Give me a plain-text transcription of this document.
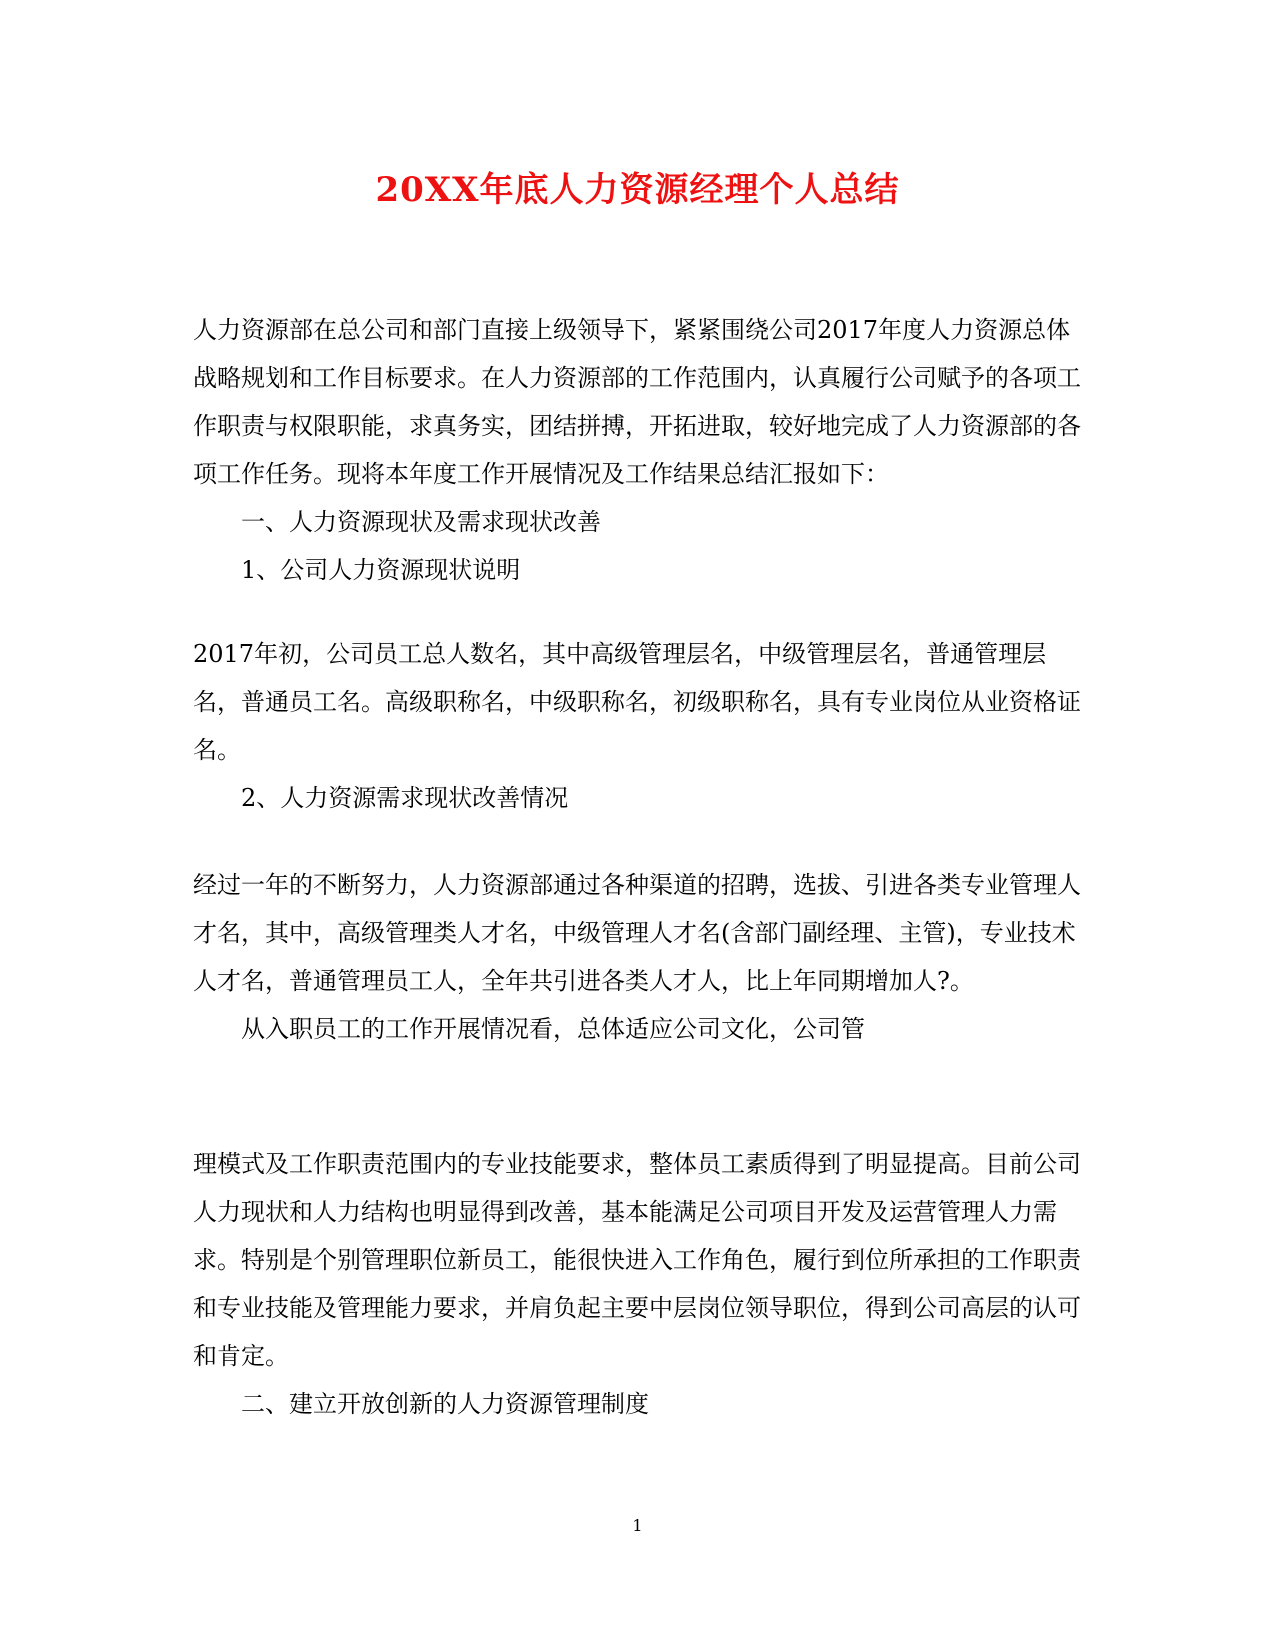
20XX年底人力资源经理个人总结

人力资源部在总公司和部门直接上级领导下，紧紧围绕公司2017年度人力资源总体战略规划和工作目标要求。在人力资源部的工作范围内，认真履行公司赋予的各项工作职责与权限职能，求真务实，团结拼搏，开拓进取，较好地完成了人力资源部的各项工作任务。现将本年度工作开展情况及工作结果总结汇报如下：

一、人力资源现状及需求现状改善

1、公司人力资源现状说明

2017年初，公司员工总人数名，其中高级管理层名，中级管理层名，普通管理层名，普通员工名。高级职称名，中级职称名，初级职称名，具有专业岗位从业资格证名。

2、人力资源需求现状改善情况

经过一年的不断努力，人力资源部通过各种渠道的招聘，选拔、引进各类专业管理人才名，其中，高级管理类人才名，中级管理人才名(含部门副经理、主管)，专业技术人才名，普通管理员工人，全年共引进各类人才人，比上年同期增加人?。

从入职员工的工作开展情况看，总体适应公司文化，公司管

理模式及工作职责范围内的专业技能要求，整体员工素质得到了明显提高。目前公司人力现状和人力结构也明显得到改善，基本能满足公司项目开发及运营管理人力需求。特别是个别管理职位新员工，能很快进入工作角色，履行到位所承担的工作职责和专业技能及管理能力要求，并肩负起主要中层岗位领导职位，得到公司高层的认可和肯定。

二、建立开放创新的人力资源管理制度

1
